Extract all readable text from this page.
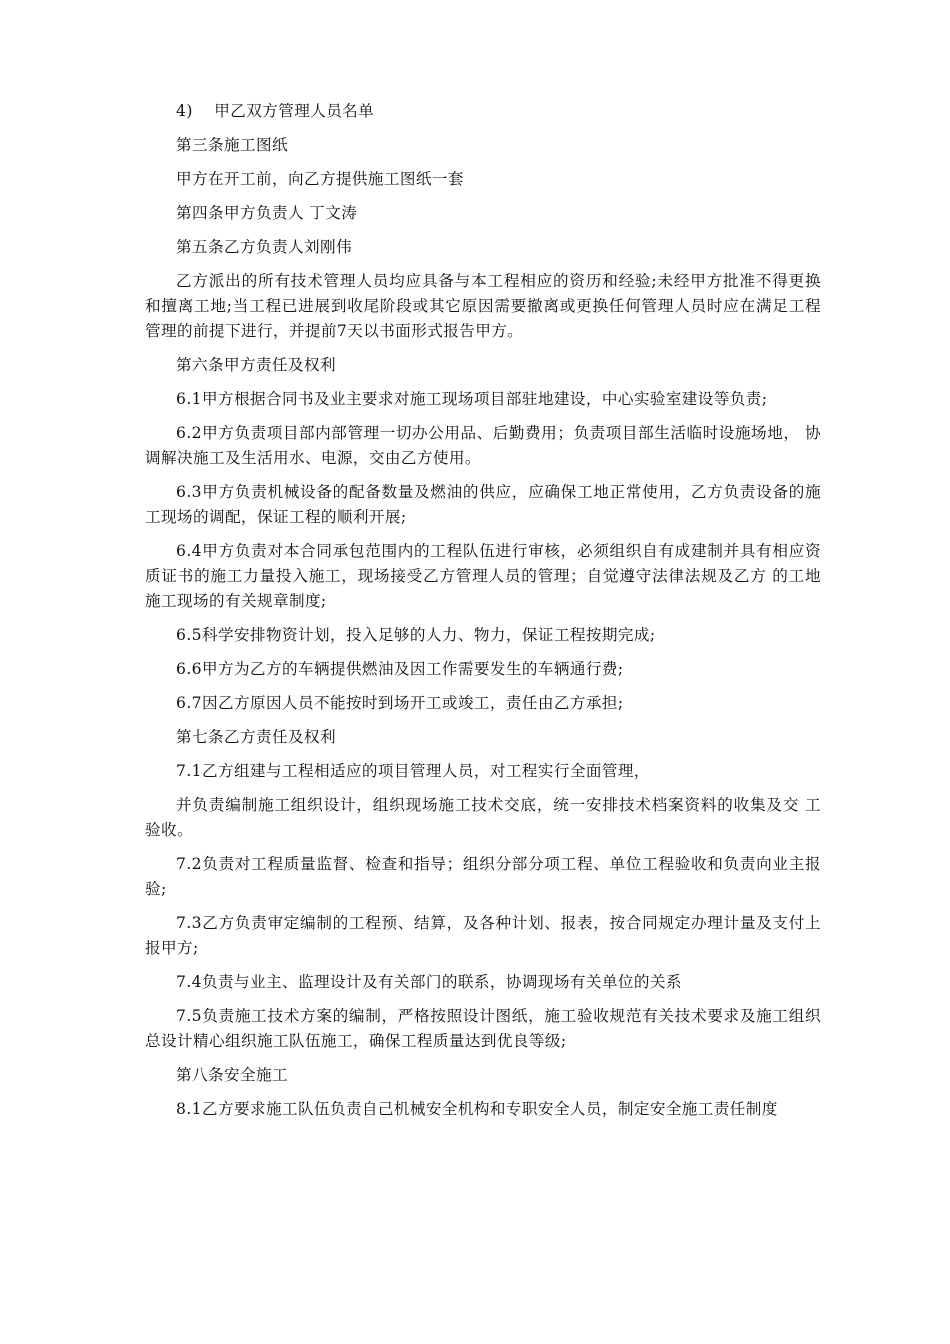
4)    甲乙双方管理人员名单

第三条施工图纸

甲方在开工前，向乙方提供施工图纸一套

第四条甲方负责人 丁文涛

第五条乙方负责人刘刚伟

乙方派出的所有技术管理人员均应具备与本工程相应的资历和经验;未经甲方批准不得更换和擅离工地;当工程已进展到收尾阶段或其它原因需要撤离或更换任何管理人员时应在满足工程管理的前提下进行，并提前7天以书面形式报告甲方。

第六条甲方责任及权利

6.1甲方根据合同书及业主要求对施工现场项目部驻地建设，中心实验室建设等负责;

6.2甲方负责项目部内部管理一切办公用品、后勤费用；负责项目部生活临时设施场地， 协调解决施工及生活用水、电源，交由乙方使用。

6.3甲方负责机械设备的配备数量及燃油的供应，应确保工地正常使用，乙方负责设备的施工现场的调配，保证工程的顺利开展;

6.4甲方负责对本合同承包范围内的工程队伍进行审核，必须组织自有成建制并具有相应资质证书的施工力量投入施工，现场接受乙方管理人员的管理；自觉遵守法律法规及乙方 的工地施工现场的有关规章制度;

6.5科学安排物资计划，投入足够的人力、物力，保证工程按期完成;

6.6甲方为乙方的车辆提供燃油及因工作需要发生的车辆通行费;

6.7因乙方原因人员不能按时到场开工或竣工，责任由乙方承担;

第七条乙方责任及权利

7.1乙方组建与工程相适应的项目管理人员，对工程实行全面管理，

并负责编制施工组织设计，组织现场施工技术交底，统一安排技术档案资料的收集及交 工验收。

7.2负责对工程质量监督、检查和指导；组织分部分项工程、单位工程验收和负责向业主报验;

7.3乙方负责审定编制的工程预、结算，及各种计划、报表，按合同规定办理计量及支付上报甲方;

7.4负责与业主、监理设计及有关部门的联系，协调现场有关单位的关系

7.5负责施工技术方案的编制，严格按照设计图纸，施工验收规范有关技术要求及施工组织总设计精心组织施工队伍施工，确保工程质量达到优良等级;

第八条安全施工

8.1乙方要求施工队伍负责自己机械安全机构和专职安全人员，制定安全施工责任制度
